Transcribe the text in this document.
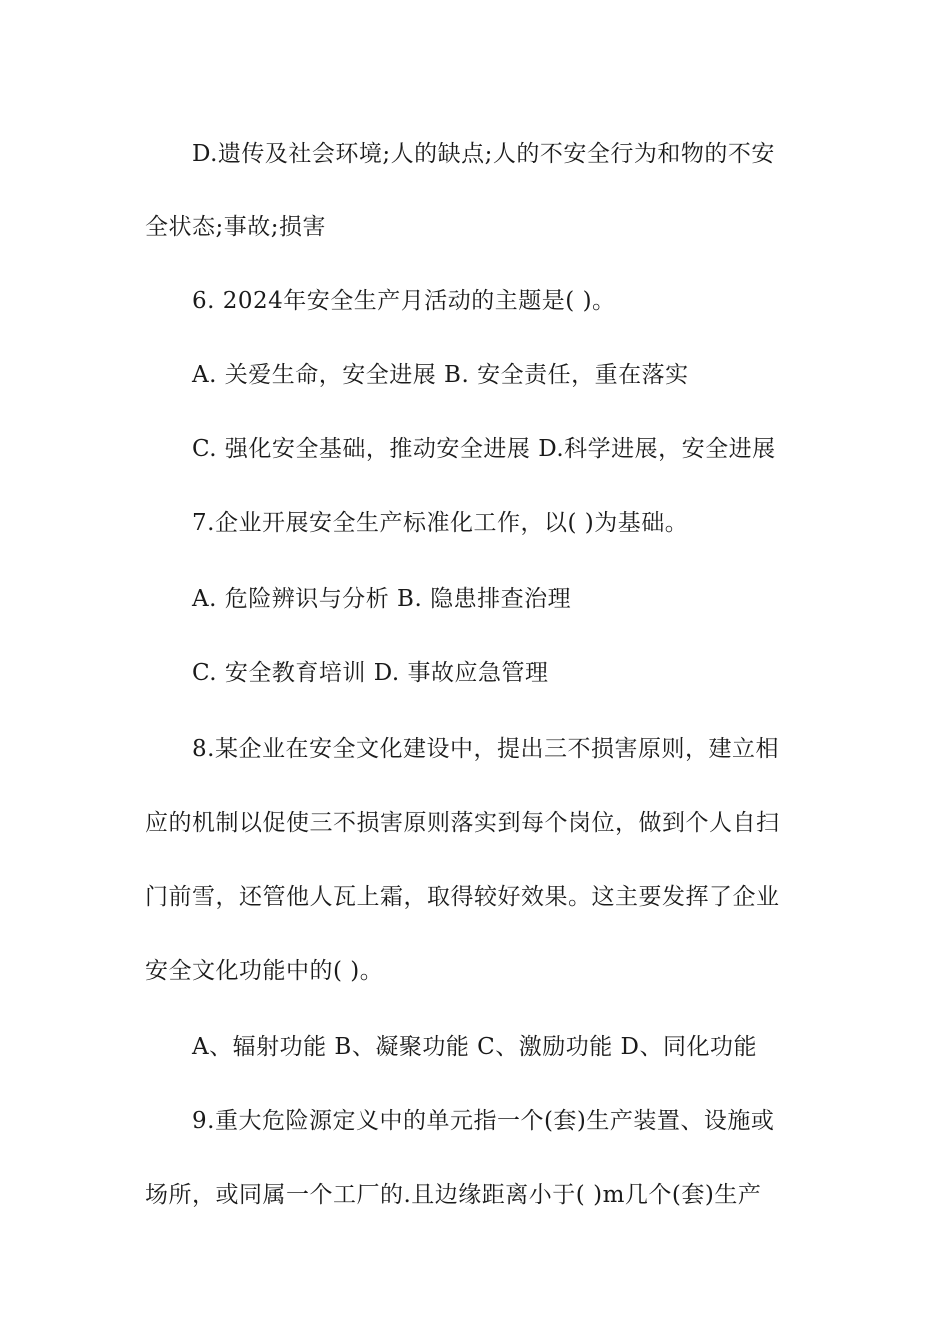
D.遗传及社会环境;人的缺点;人的不安全行为和物的不安
全状态;事故;损害
6. 2024年安全生产月活动的主题是( )。
A. 关爱生命，安全进展 B. 安全责任，重在落实
C. 强化安全基础，推动安全进展 D.科学进展，安全进展
7.企业开展安全生产标准化工作，以( )为基础。
A. 危险辨识与分析 B. 隐患排查治理
C. 安全教育培训 D. 事故应急管理
8.某企业在安全文化建设中，提出三不损害原则，建立相
应的机制以促使三不损害原则落实到每个岗位，做到个人自扫
门前雪，还管他人瓦上霜，取得较好效果。这主要发挥了企业
安全文化功能中的( )。
A、辐射功能 B、凝聚功能 C、激励功能 D、同化功能
9.重大危险源定义中的单元指一个(套)生产装置、设施或
场所，或同属一个工厂的.且边缘距离小于( )m几个(套)生产
